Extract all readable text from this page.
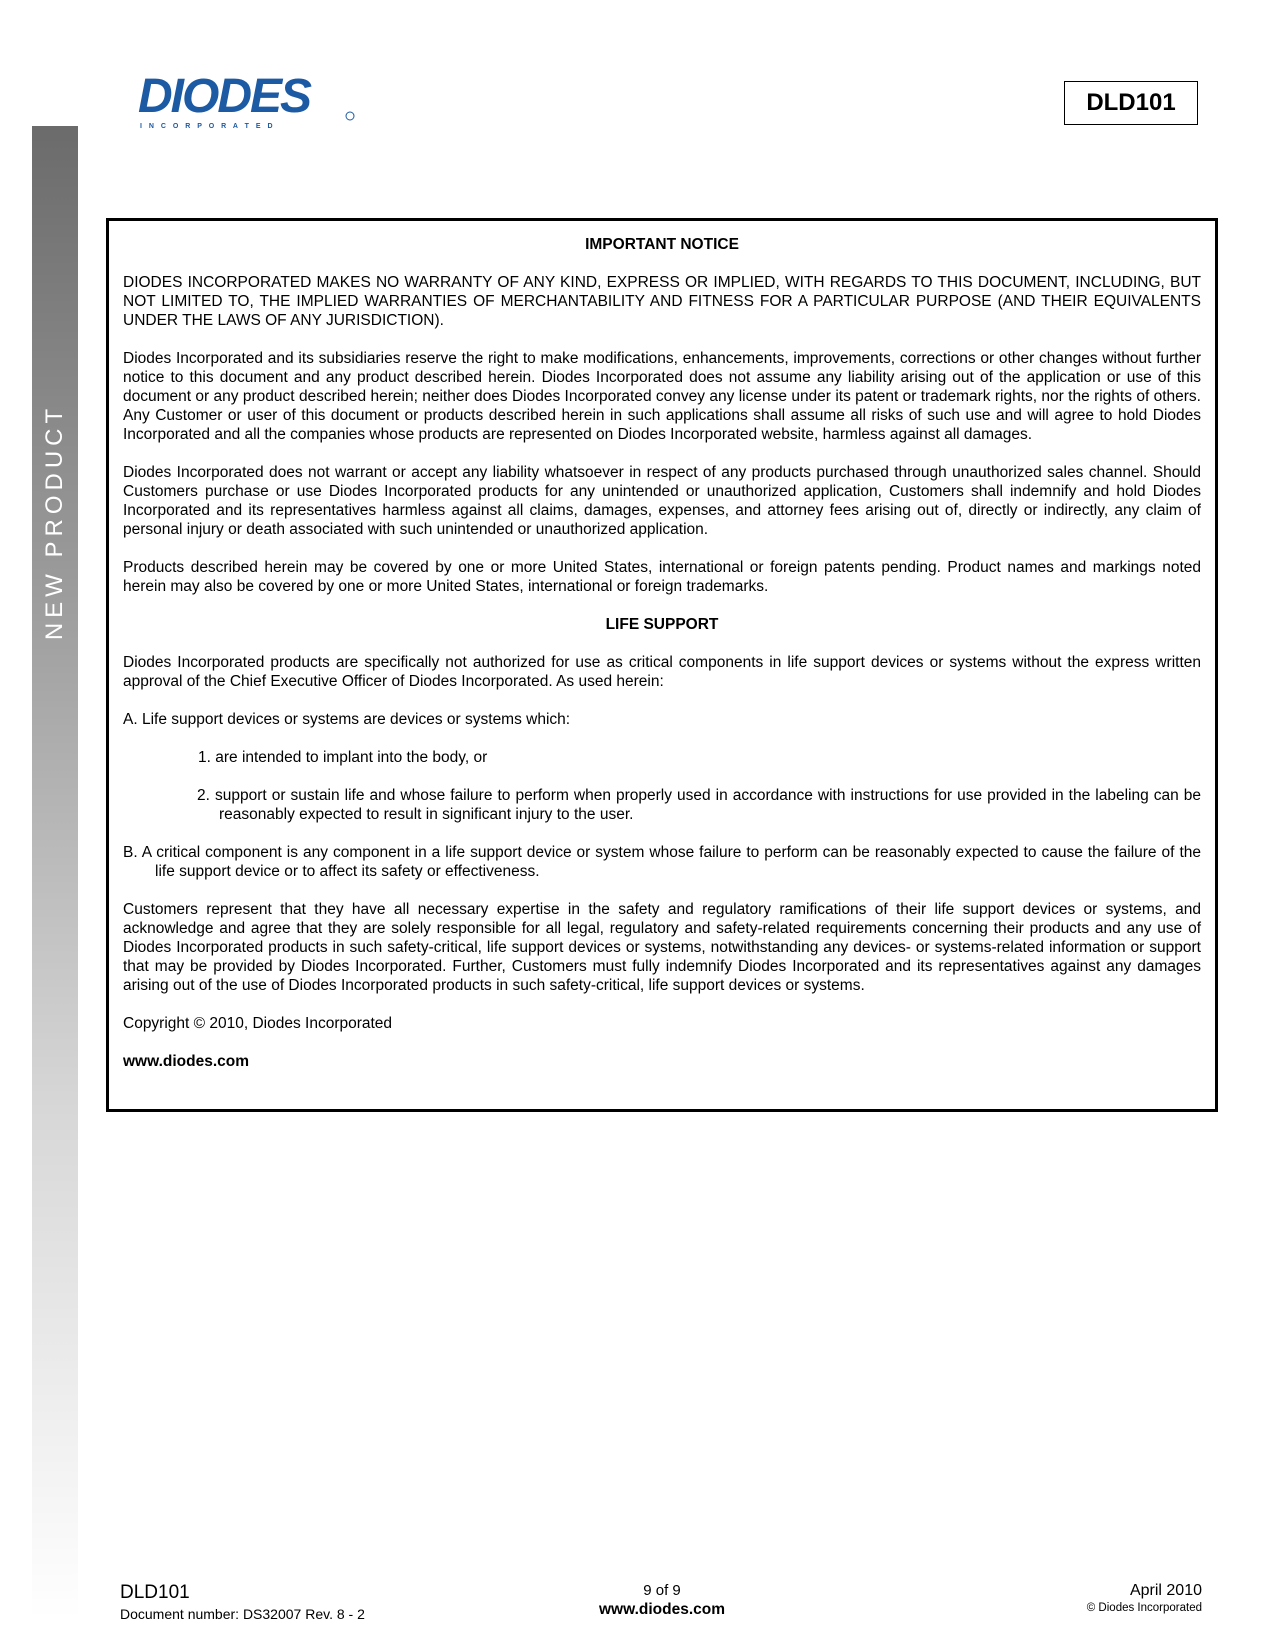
NEW PRODUCT
DIODES
I N C O R P O R A T E D
DLD101

IMPORTANT NOTICE

DIODES INCORPORATED MAKES NO WARRANTY OF ANY KIND, EXPRESS OR IMPLIED, WITH REGARDS TO THIS DOCUMENT, INCLUDING, BUT NOT LIMITED TO, THE IMPLIED WARRANTIES OF MERCHANTABILITY AND FITNESS FOR A PARTICULAR PURPOSE (AND THEIR EQUIVALENTS UNDER THE LAWS OF ANY JURISDICTION).

Diodes Incorporated and its subsidiaries reserve the right to make modifications, enhancements, improvements, corrections or other changes without further notice to this document and any product described herein. Diodes Incorporated does not assume any liability arising out of the application or use of this document or any product described herein; neither does Diodes Incorporated convey any license under its patent or trademark rights, nor the rights of others. Any Customer or user of this document or products described herein in such applications shall assume all risks of such use and will agree to hold Diodes Incorporated and all the companies whose products are represented on Diodes Incorporated website, harmless against all damages.

Diodes Incorporated does not warrant or accept any liability whatsoever in respect of any products purchased through unauthorized sales channel. Should Customers purchase or use Diodes Incorporated products for any unintended or unauthorized application, Customers shall indemnify and hold Diodes Incorporated and its representatives harmless against all claims, damages, expenses, and attorney fees arising out of, directly or indirectly, any claim of personal injury or death associated with such unintended or unauthorized application.

Products described herein may be covered by one or more United States, international or foreign patents pending. Product names and markings noted herein may also be covered by one or more United States, international or foreign trademarks.

LIFE SUPPORT

Diodes Incorporated products are specifically not authorized for use as critical components in life support devices or systems without the express written approval of the Chief Executive Officer of Diodes Incorporated. As used herein:

A. Life support devices or systems are devices or systems which:

1. are intended to implant into the body, or

2. support or sustain life and whose failure to perform when properly used in accordance with instructions for use provided in the labeling can be reasonably expected to result in significant injury to the user.

B. A critical component is any component in a life support device or system whose failure to perform can be reasonably expected to cause the failure of the life support device or to affect its safety or effectiveness.

Customers represent that they have all necessary expertise in the safety and regulatory ramifications of their life support devices or systems, and acknowledge and agree that they are solely responsible for all legal, regulatory and safety-related requirements concerning their products and any use of Diodes Incorporated products in such safety-critical, life support devices or systems, notwithstanding any devices- or systems-related information or support that may be provided by Diodes Incorporated. Further, Customers must fully indemnify Diodes Incorporated and its representatives against any damages arising out of the use of Diodes Incorporated products in such safety-critical, life support devices or systems.

Copyright © 2010, Diodes Incorporated

www.diodes.com

DLD101
Document number: DS32007 Rev. 8 - 2
9 of 9
www.diodes.com
April 2010
© Diodes Incorporated
